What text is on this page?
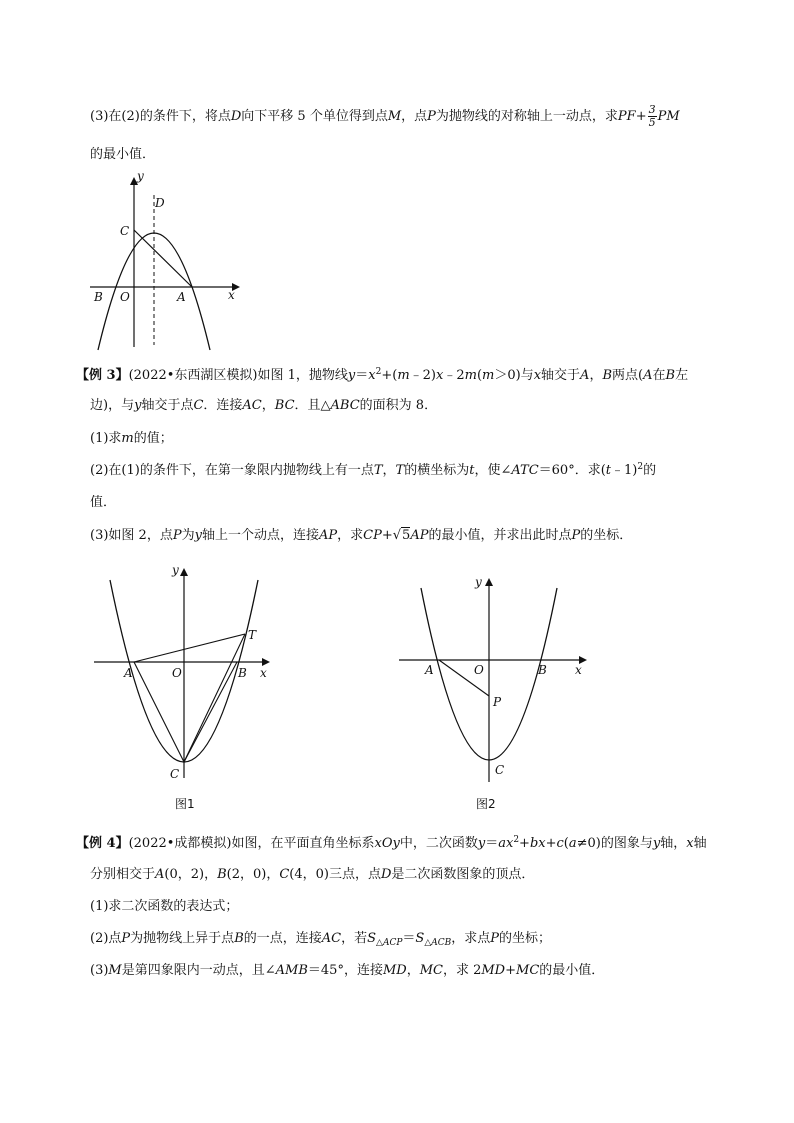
(3)在(2)的条件下，将点D向下平移 5 个单位得到点M，点P为抛物线的对称轴上一动点，求$PF+ \frac{3}{5}$ PM
的最小值．
y
D
C
B O	A	x
【例 3】(2022•东西湖区模拟)如图 1，抛物线$y=x^2+(m﹣2)x﹣2m(m>0)$与x轴交于A，B两点(A在B左
边)，与y轴交于点C．连接AC，BC．且△ABC的面积为 8．
(1)求m的值；
(2)在(1)的条件下，在第一象限内抛物线上有一点T，T的横坐标为t，使∠ATC＝60°．求(t﹣1)$^2$的
值．
(3)如图 2，点P为y轴上一个动点，连接AP，求CP+√5AP的最小值，并求出此时点P的坐标．
y
T
A	O	B x
C
图1
y
A	O	B x
P
C
图2
【例 4】(2022•成都模拟)如图，在平面直角坐标系xOy中，二次函数$y=ax^2+bx+c(a\ne 0)$的图象与y轴，x轴
分别相交于A(0，2)，B(2，0)，C(4，0)三点，点D是二次函数图象的顶点．
(1)求二次函数的表达式；
(2)点P为抛物线上异于点B的一点，连接AC，若$S_{\triangle ACP}=S_{\triangle ACB}$，求点P的坐标；
(3)M是第四象限内一动点，且∠AMB＝45°，连接MD，MC，求 2MD+MC的最小值．
